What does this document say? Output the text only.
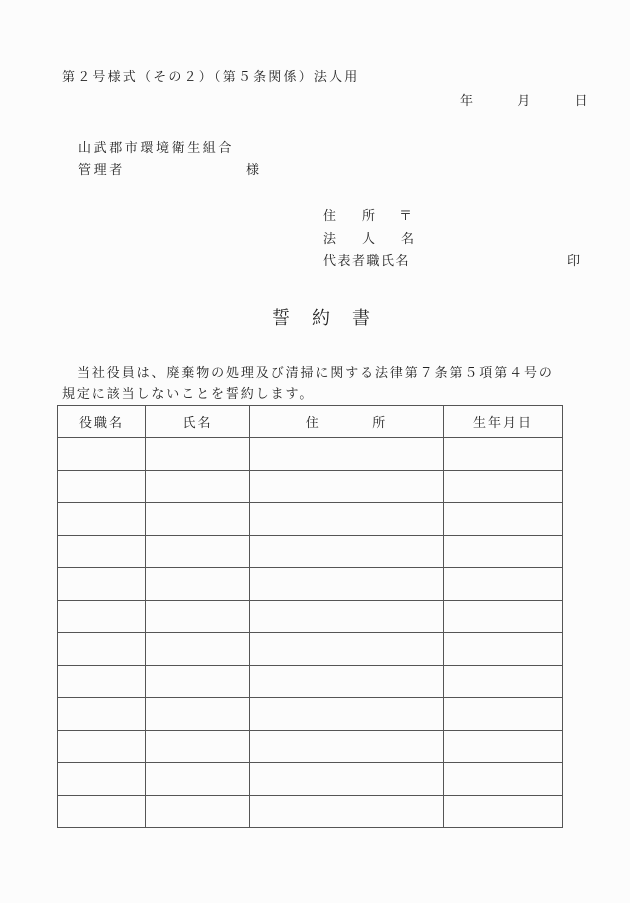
第２号様式（その２）（第５条関係）法人用
年	月	日
山武郡市環境衛生組合
管理者	様
住　　所 〒
法　　人　　名
代表者職氏名	印
誓約書
当社役員は、廃棄物の処理及び清掃に関する法律第７条第５項第４号の
規定に該当しないことを誓約します。
役職名	氏名	住 所	生年月日
